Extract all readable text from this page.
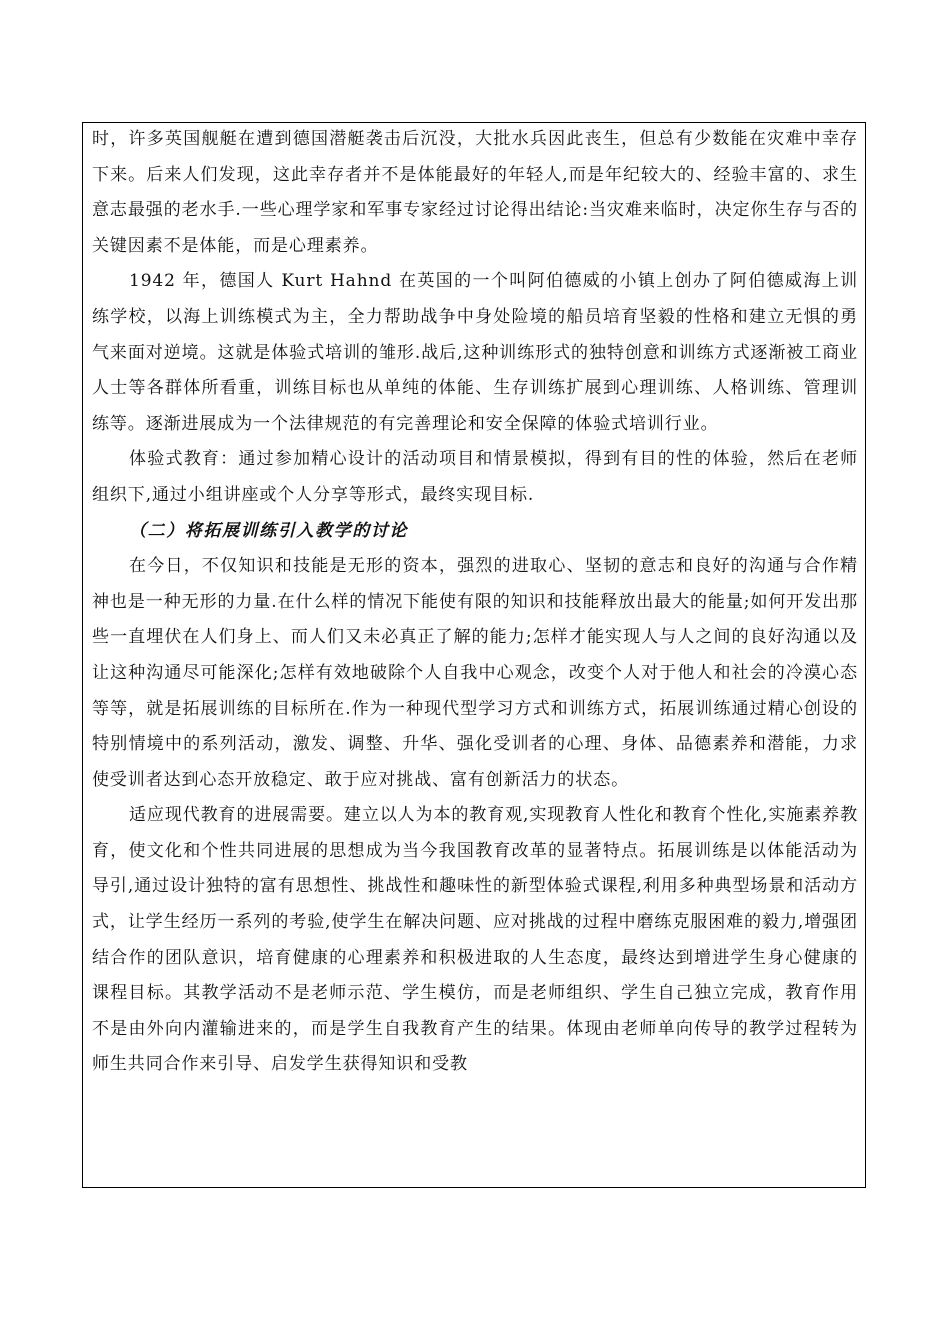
时，许多英国舰艇在遭到德国潜艇袭击后沉没，大批水兵因此丧生，但总有少数能在灾难中幸存下来。后来人们发现，这此幸存者并不是体能最好的年轻人,而是年纪较大的、经验丰富的、求生意志最强的老水手.一些心理学家和军事专家经过讨论得出结论:当灾难来临时，决定你生存与否的关键因素不是体能，而是心理素养。

1942 年，德国人 Kurt Hahnd 在英国的一个叫阿伯德威的小镇上创办了阿伯德威海上训练学校，以海上训练模式为主，全力帮助战争中身处险境的船员培育坚毅的性格和建立无惧的勇气来面对逆境。这就是体验式培训的雏形.战后,这种训练形式的独特创意和训练方式逐渐被工商业人士等各群体所看重，训练目标也从单纯的体能、生存训练扩展到心理训练、人格训练、管理训练等。逐渐进展成为一个法律规范的有完善理论和安全保障的体验式培训行业。

体验式教育：通过参加精心设计的活动项目和情景模拟，得到有目的性的体验，然后在老师组织下,通过小组讲座或个人分享等形式，最终实现目标.

（二）将拓展训练引入教学的讨论

在今日，不仅知识和技能是无形的资本，强烈的进取心、坚韧的意志和良好的沟通与合作精神也是一种无形的力量.在什么样的情况下能使有限的知识和技能释放出最大的能量;如何开发出那些一直埋伏在人们身上、而人们又未必真正了解的能力;怎样才能实现人与人之间的良好沟通以及让这种沟通尽可能深化;怎样有效地破除个人自我中心观念，改变个人对于他人和社会的冷漠心态等等，就是拓展训练的目标所在.作为一种现代型学习方式和训练方式，拓展训练通过精心创设的特别情境中的系列活动，激发、调整、升华、强化受训者的心理、身体、品德素养和潜能，力求使受训者达到心态开放稳定、敢于应对挑战、富有创新活力的状态。

适应现代教育的进展需要。建立以人为本的教育观,实现教育人性化和教育个性化,实施素养教育，使文化和个性共同进展的思想成为当今我国教育改革的显著特点。拓展训练是以体能活动为导引,通过设计独特的富有思想性、挑战性和趣味性的新型体验式课程,利用多种典型场景和活动方式，让学生经历一系列的考验,使学生在解决问题、应对挑战的过程中磨练克服困难的毅力,增强团结合作的团队意识，培育健康的心理素养和积极进取的人生态度，最终达到增进学生身心健康的课程目标。其教学活动不是老师示范、学生模仿，而是老师组织、学生自己独立完成，教育作用不是由外向内灌输进来的，而是学生自我教育产生的结果。体现由老师单向传导的教学过程转为师生共同合作来引导、启发学生获得知识和受教
